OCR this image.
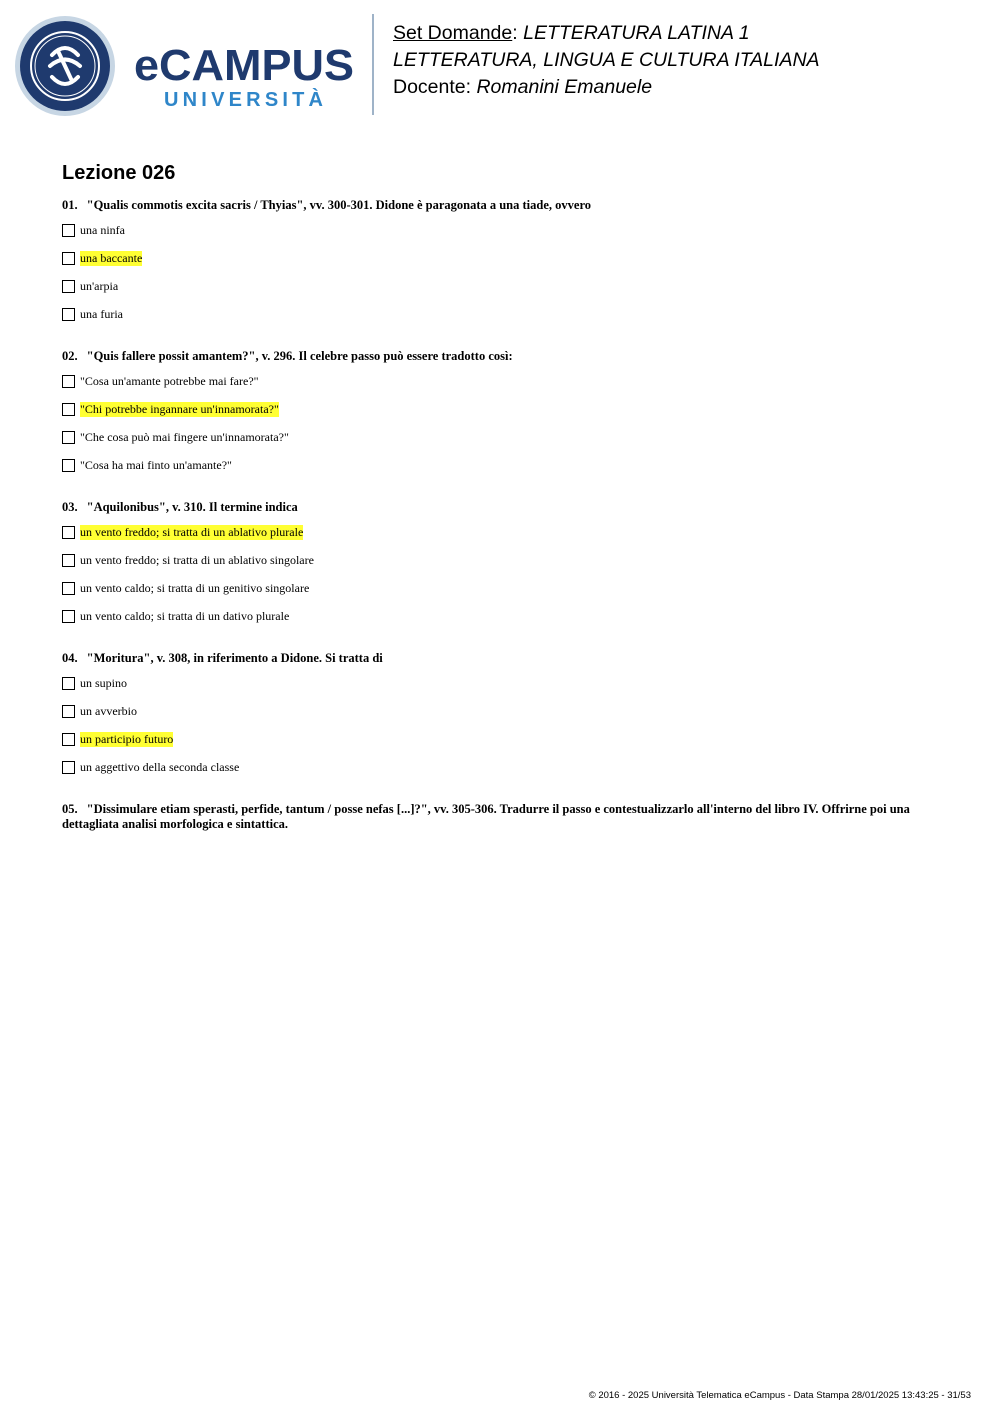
eCAMPUS
UNIVERSITÀ
Set Domande: LETTERATURA LATINA 1
LETTERATURA, LINGUA E CULTURA ITALIANA
Docente: Romanini Emanuele
Lezione 026

01. "Qualis commotis excita sacris / Thyias", vv. 300-301. Didone è paragonata a una tiade, ovvero

una ninfa
una baccante
un'arpia
una furia

02. "Quis fallere possit amantem?", v. 296. Il celebre passo può essere tradotto così:

"Cosa un'amante potrebbe mai fare?"
"Chi potrebbe ingannare un'innamorata?"
"Che cosa può mai fingere un'innamorata?"
"Cosa ha mai finto un'amante?"

03. "Aquilonibus", v. 310. Il termine indica

un vento freddo; si tratta di un ablativo plurale
un vento freddo; si tratta di un ablativo singolare
un vento caldo; si tratta di un genitivo singolare
un vento caldo; si tratta di un dativo plurale

04. "Moritura", v. 308, in riferimento a Didone. Si tratta di

un supino
un avverbio
un participio futuro
un aggettivo della seconda classe

05. "Dissimulare etiam sperasti, perfide, tantum / posse nefas [...]?", vv. 305-306. Tradurre il passo e contestualizzarlo all'interno del libro IV. Offrirne poi una dettagliata analisi morfologica e sintattica.

© 2016 - 2025 Università Telematica eCampus - Data Stampa 28/01/2025 13:43:25 - 31/53
